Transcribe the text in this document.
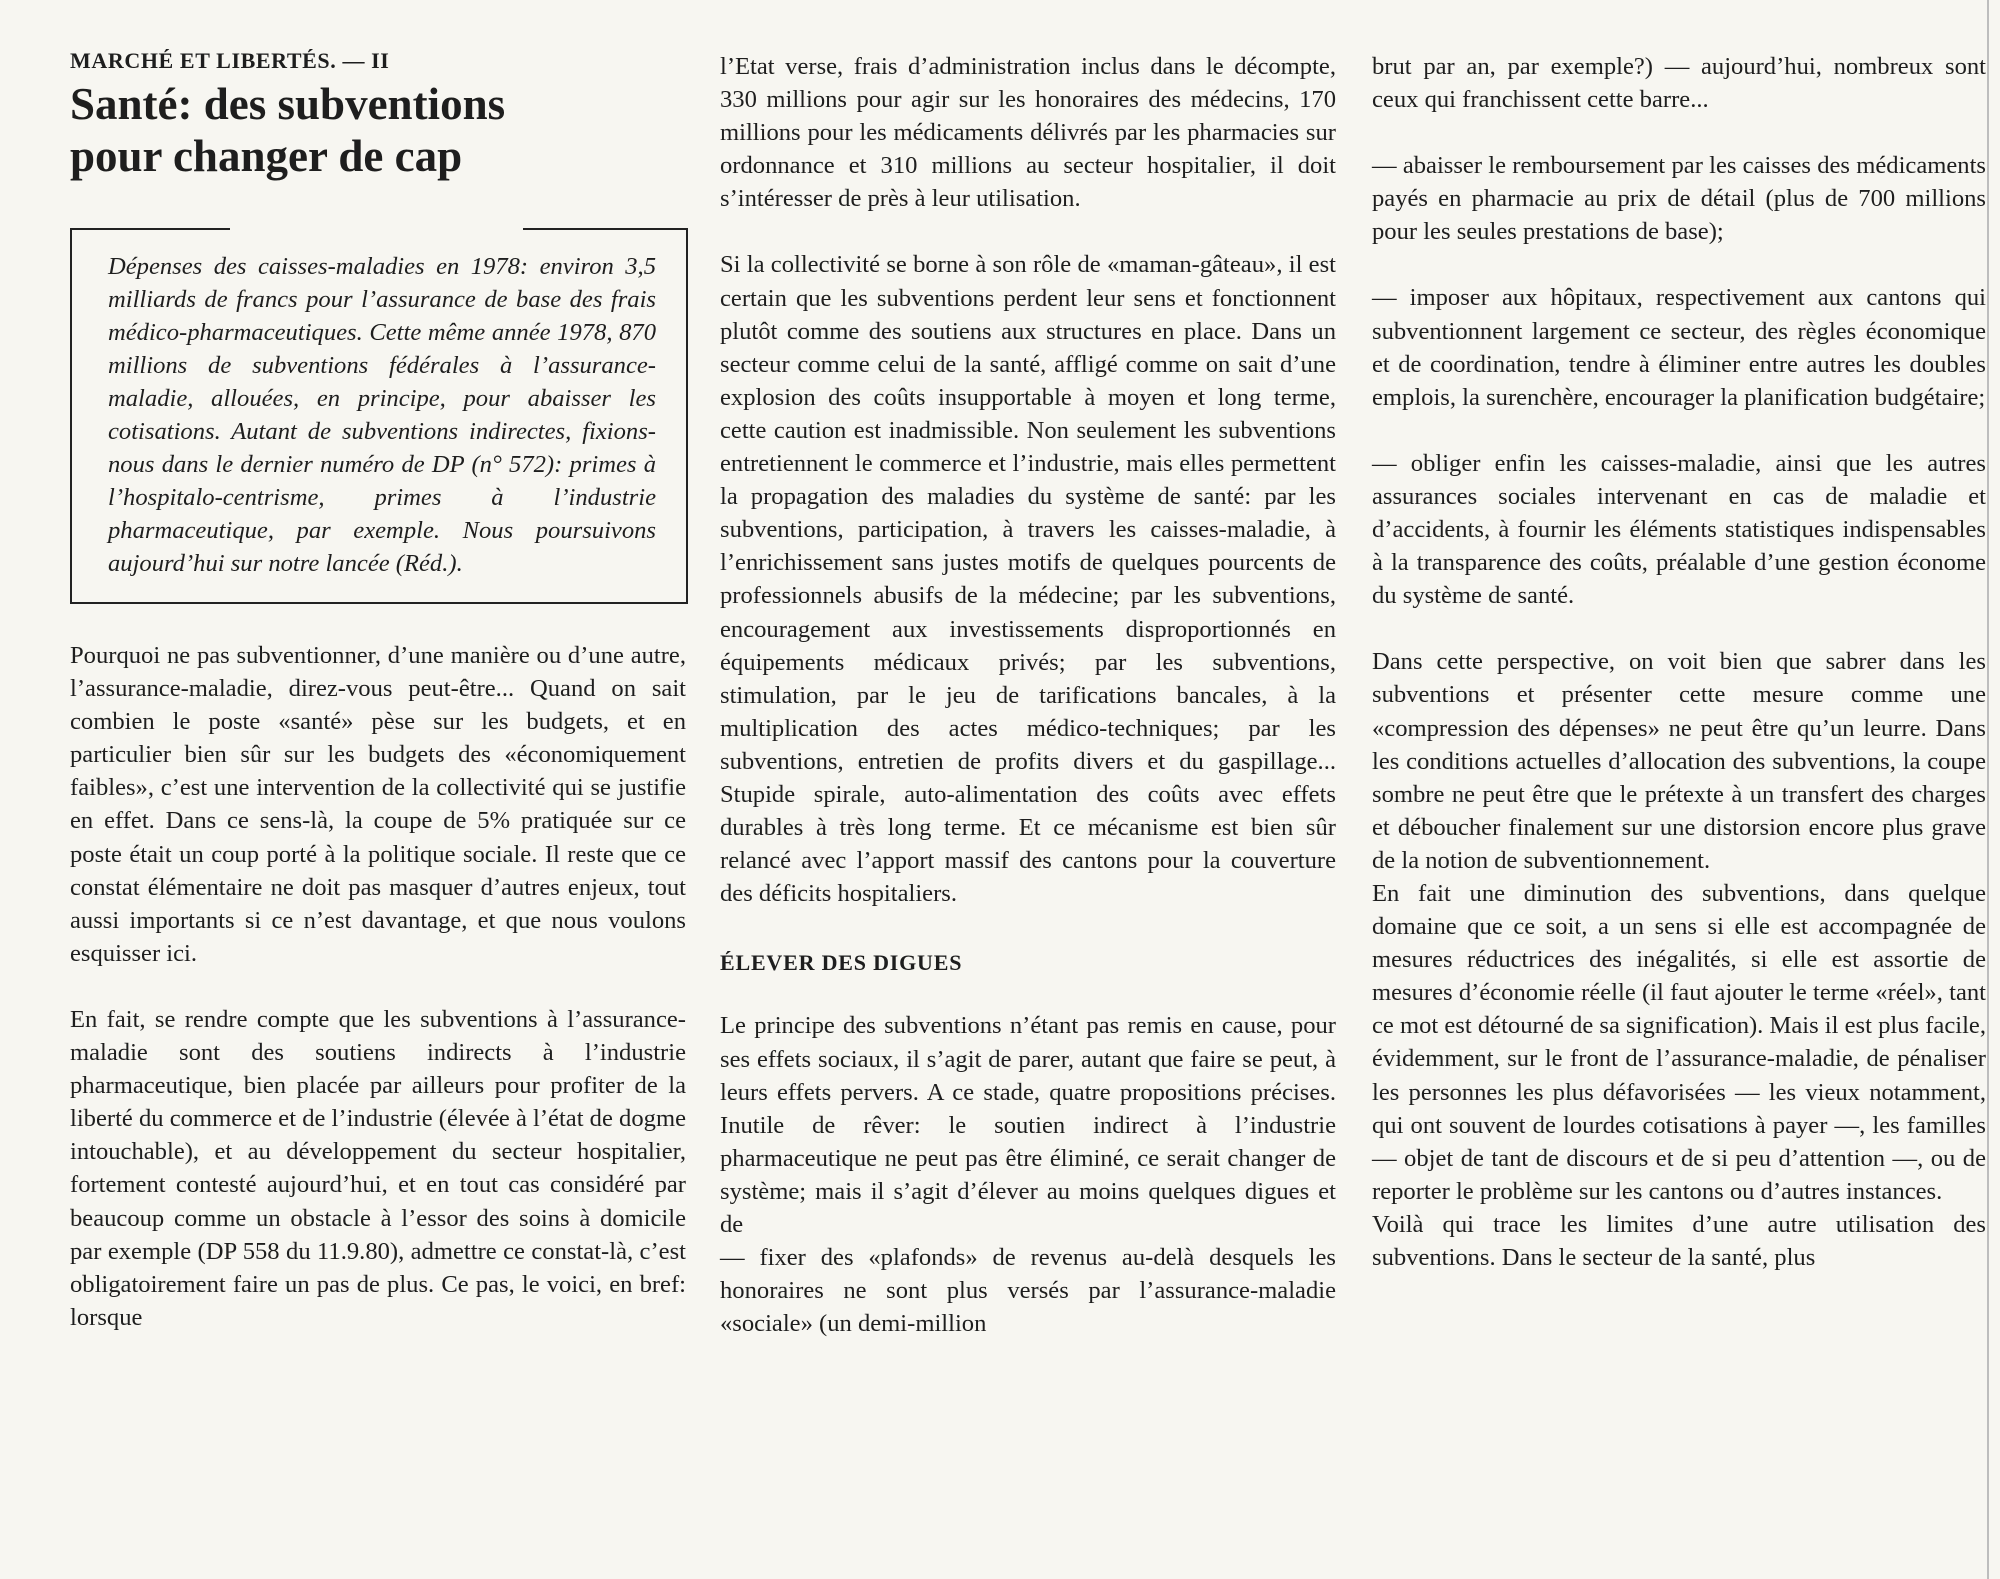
MARCHÉ ET LIBERTÉS. — II
Santé: des subventions
pour changer de cap

Dépenses des caisses-maladies en 1978: environ 3,5 milliards de francs pour l’assurance de base des frais médico-pharmaceutiques. Cette même année 1978, 870 millions de subventions fédérales à l’assurance-maladie, allouées, en principe, pour abaisser les cotisations. Autant de subventions indirectes, fixions-nous dans le dernier numéro de DP (n° 572): primes à l’hospitalo-centrisme, primes à l’industrie pharmaceutique, par exemple. Nous poursuivons aujourd’hui sur notre lancée (Réd.).

Pourquoi ne pas subventionner, d’une manière ou d’une autre, l’assurance-maladie, direz-vous peut-être... Quand on sait combien le poste «santé» pèse sur les budgets, et en particulier bien sûr sur les budgets des «économiquement faibles», c’est une intervention de la collectivité qui se justifie en effet. Dans ce sens-là, la coupe de 5% pratiquée sur ce poste était un coup porté à la politique sociale. Il reste que ce constat élémentaire ne doit pas masquer d’autres enjeux, tout aussi importants si ce n’est davantage, et que nous voulons esquisser ici.

En fait, se rendre compte que les subventions à l’assurance-maladie sont des soutiens indirects à l’industrie pharmaceutique, bien placée par ailleurs pour profiter de la liberté du commerce et de l’industrie (élevée à l’état de dogme intouchable), et au développement du secteur hospitalier, fortement contesté aujourd’hui, et en tout cas considéré par beaucoup comme un obstacle à l’essor des soins à domicile par exemple (DP 558 du 11.9.80), admettre ce constat-là, c’est obligatoirement faire un pas de plus. Ce pas, le voici, en bref: lorsque

l’Etat verse, frais d’administration inclus dans le décompte, 330 millions pour agir sur les honoraires des médecins, 170 millions pour les médicaments délivrés par les pharmacies sur ordonnance et 310 millions au secteur hospitalier, il doit s’intéresser de près à leur utilisation.

Si la collectivité se borne à son rôle de «maman-gâteau», il est certain que les subventions perdent leur sens et fonctionnent plutôt comme des soutiens aux structures en place. Dans un secteur comme celui de la santé, affligé comme on sait d’une explosion des coûts insupportable à moyen et long terme, cette caution est inadmissible. Non seulement les subventions entretiennent le commerce et l’industrie, mais elles permettent la propagation des maladies du système de santé: par les subventions, participation, à travers les caisses-maladie, à l’enrichissement sans justes motifs de quelques pourcents de professionnels abusifs de la médecine; par les subventions, encouragement aux investissements disproportionnés en équipements médicaux privés; par les subventions, stimulation, par le jeu de tarifications bancales, à la multiplication des actes médico-techniques; par les subventions, entretien de profits divers et du gaspillage... Stupide spirale, auto-alimentation des coûts avec effets durables à très long terme. Et ce mécanisme est bien sûr relancé avec l’apport massif des cantons pour la couverture des déficits hospitaliers.

ÉLEVER DES DIGUES

Le principe des subventions n’étant pas remis en cause, pour ses effets sociaux, il s’agit de parer, autant que faire se peut, à leurs effets pervers. A ce stade, quatre propositions précises. Inutile de rêver: le soutien indirect à l’industrie pharmaceutique ne peut pas être éliminé, ce serait changer de système; mais il s’agit d’élever au moins quelques digues et de

— fixer des «plafonds» de revenus au-delà desquels les honoraires ne sont plus versés par l’assurance-maladie «sociale» (un demi-million

brut par an, par exemple?) — aujourd’hui, nombreux sont ceux qui franchissent cette barre...

— abaisser le remboursement par les caisses des médicaments payés en pharmacie au prix de détail (plus de 700 millions pour les seules prestations de base);

— imposer aux hôpitaux, respectivement aux cantons qui subventionnent largement ce secteur, des règles économique et de coordination, tendre à éliminer entre autres les doubles emplois, la surenchère, encourager la planification budgétaire;

— obliger enfin les caisses-maladie, ainsi que les autres assurances sociales intervenant en cas de maladie et d’accidents, à fournir les éléments statistiques indispensables à la transparence des coûts, préalable d’une gestion économe du système de santé.

Dans cette perspective, on voit bien que sabrer dans les subventions et présenter cette mesure comme une «compression des dépenses» ne peut être qu’un leurre. Dans les conditions actuelles d’allocation des subventions, la coupe sombre ne peut être que le prétexte à un transfert des charges et déboucher finalement sur une distorsion encore plus grave de la notion de subventionnement.

En fait une diminution des subventions, dans quelque domaine que ce soit, a un sens si elle est accompagnée de mesures réductrices des inégalités, si elle est assortie de mesures d’économie réelle (il faut ajouter le terme «réel», tant ce mot est détourné de sa signification). Mais il est plus facile, évidemment, sur le front de l’assurance-maladie, de pénaliser les personnes les plus défavorisées — les vieux notamment, qui ont souvent de lourdes cotisations à payer —, les familles — objet de tant de discours et de si peu d’attention —, ou de reporter le problème sur les cantons ou d’autres instances.

Voilà qui trace les limites d’une autre utilisation des subventions. Dans le secteur de la santé, plus
